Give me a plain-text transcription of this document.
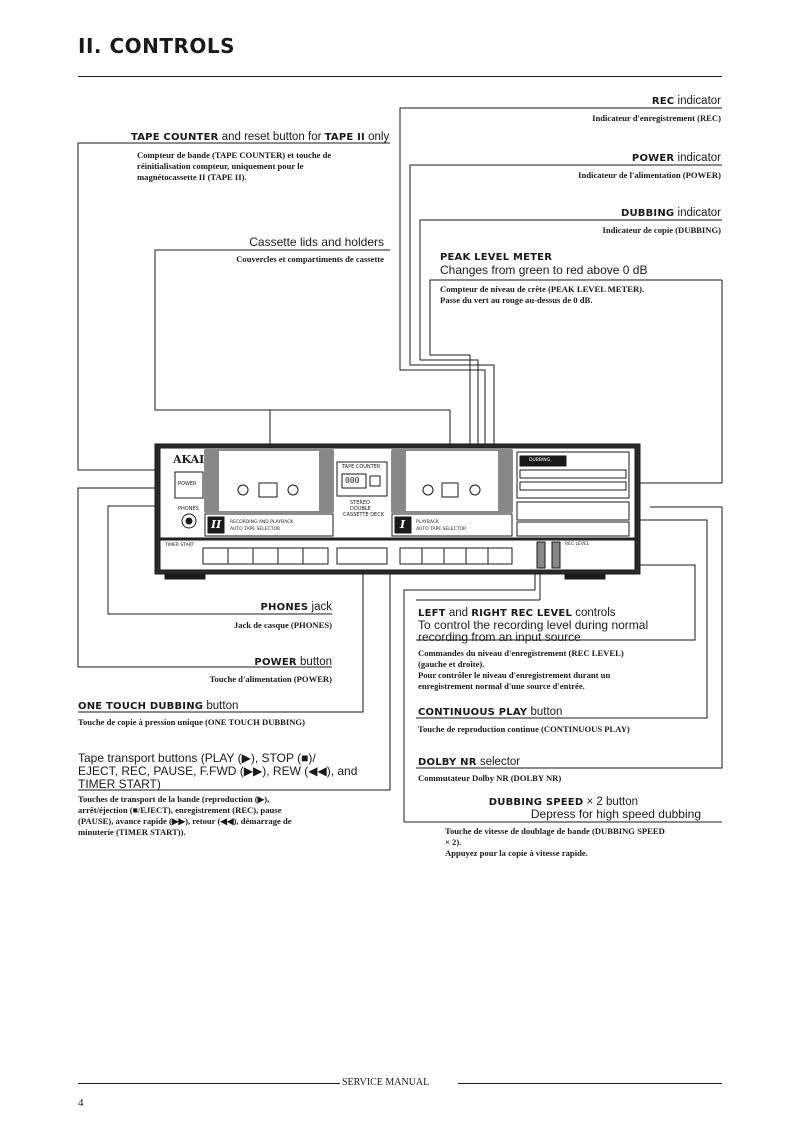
II. CONTROLS
AKAI
POWER
PHONES
TAPE COUNTER
000
STEREO
DOUBLE
CASSETTE DECK
II	I
RECORDING AND PLAYBACK
AUTO TAPE SELECTOR
PLAYBACK
AUTO TAPE SELECTOR
TIMER START	REC LEVEL
DUBBING
REC indicator
Indicateur d'enregistrement (REC)
TAPE COUNTER and reset button for TAPE II only
Compteur de bande (TAPE COUNTER) et touche de
réinitialisation compteur, uniquement pour le
magnétocassette II (TAPE II).
POWER indicator
Indicateur de l'alimentation (POWER)
DUBBING indicator
Indicateur de copie (DUBBING)
Cassette lids and holders
Couvercles et compartiments de cassette	PEAK LEVEL METER
Changes from green to red above 0 dB
Compteur de niveau de crête (PEAK LEVEL METER).
Passe du vert au rouge au-dessus de 0 dB.
PHONES jack
Jack de casque (PHONES)
POWER button
Touche d'alimentation (POWER)
ONE TOUCH DUBBING button
Touche de copie à pression unique (ONE TOUCH DUBBING)
Tape transport buttons (PLAY (▶), STOP (■)/
EJECT, REC, PAUSE, F.FWD (▶▶), REW (◀◀), and
TIMER START)
Touches de transport de la bande (reproduction (▶),
arrêt/éjection (■/EJECT), enregistrement (REC), pause
(PAUSE), avance rapide (▶▶), retour (◀◀), démarrage de
minuterie (TIMER START)).
LEFT and RIGHT REC LEVEL controls
To control the recording level during normal
recording from an input source
Commandes du niveau d'enregistrement (REC LEVEL)
(gauche et droite).
Pour contrôler le niveau d'enregistrement durant un
enregistrement normal d'une source d'entrée.
CONTINUOUS PLAY button
Touche de reproduction continue (CONTINUOUS PLAY)
DOLBY NR selector
Commutateur Dolby NR (DOLBY NR)
DUBBING SPEED × 2 button
Depress for high speed dubbing
Touche de vitesse de doublage de bande (DUBBING SPEED
× 2).
Appuyez pour la copie à vitesse rapide.
SERVICE MANUAL
4
